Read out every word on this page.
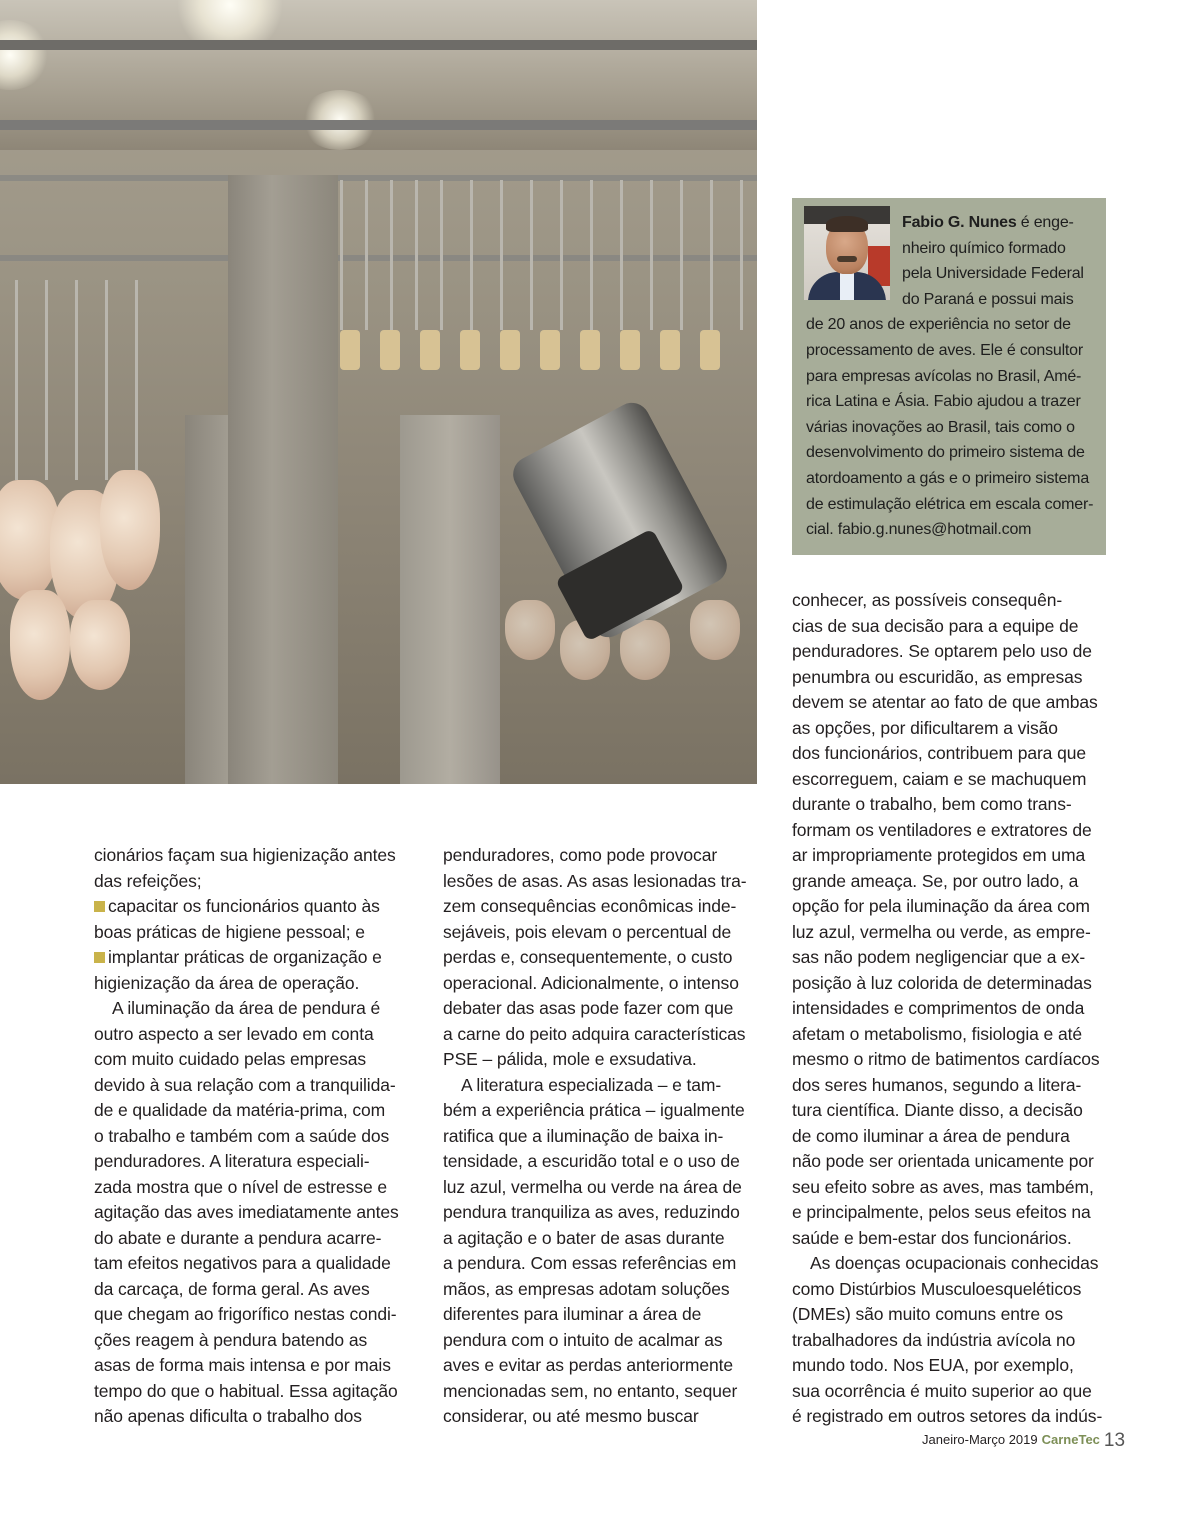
Fabio G. Nunes é enge-
nheiro químico formado
pela Universidade Federal
do Paraná e possui mais
de 20 anos de experiência no setor de
processamento de aves. Ele é consultor
para empresas avícolas no Brasil, Amé-
rica Latina e Ásia. Fabio ajudou a trazer
várias inovações ao Brasil, tais como o
desenvolvimento do primeiro sistema de
atordoamento a gás e o primeiro sistema
de estimulação elétrica em escala comer-
cial. fabio.g.nunes@hotmail.com
cionários façam sua higienização antes
das refeições;
capacitar os funcionários quanto às
boas práticas de higiene pessoal; e
implantar práticas de organização e
higienização da área de operação.
A iluminação da área de pendura é
outro aspecto a ser levado em conta
com muito cuidado pelas empresas
devido à sua relação com a tranquilida-
de e qualidade da matéria-prima, com
o trabalho e também com a saúde dos
penduradores. A literatura especiali-
zada mostra que o nível de estresse e
agitação das aves imediatamente antes
do abate e durante a pendura acarre-
tam efeitos negativos para a qualidade
da carcaça, de forma geral. As aves
que chegam ao frigorífico nestas condi-
ções reagem à pendura batendo as
asas de forma mais intensa e por mais
tempo do que o habitual. Essa agitação
não apenas dificulta o trabalho dos
penduradores, como pode provocar
lesões de asas. As asas lesionadas tra-
zem consequências econômicas inde-
sejáveis, pois elevam o percentual de
perdas e, consequentemente, o custo
operacional. Adicionalmente, o intenso
debater das asas pode fazer com que
a carne do peito adquira características
PSE – pálida, mole e exsudativa.
A literatura especializada – e tam-
bém a experiência prática – igualmente
ratifica que a iluminação de baixa in-
tensidade, a escuridão total e o uso de
luz azul, vermelha ou verde na área de
pendura tranquiliza as aves, reduzindo
a agitação e o bater de asas durante
a pendura. Com essas referências em
mãos, as empresas adotam soluções
diferentes para iluminar a área de
pendura com o intuito de acalmar as
aves e evitar as perdas anteriormente
mencionadas sem, no entanto, sequer
considerar, ou até mesmo buscar
conhecer, as possíveis consequên-
cias de sua decisão para a equipe de
penduradores. Se optarem pelo uso de
penumbra ou escuridão, as empresas
devem se atentar ao fato de que ambas
as opções, por dificultarem a visão
dos funcionários, contribuem para que
escorreguem, caiam e se machuquem
durante o trabalho, bem como trans-
formam os ventiladores e extratores de
ar impropriamente protegidos em uma
grande ameaça. Se, por outro lado, a
opção for pela iluminação da área com
luz azul, vermelha ou verde, as empre-
sas não podem negligenciar que a ex-
posição à luz colorida de determinadas
intensidades e comprimentos de onda
afetam o metabolismo, fisiologia e até
mesmo o ritmo de batimentos cardíacos
dos seres humanos, segundo a litera-
tura científica. Diante disso, a decisão
de como iluminar a área de pendura
não pode ser orientada unicamente por
seu efeito sobre as aves, mas também,
e principalmente, pelos seus efeitos na
saúde e bem-estar dos funcionários.
As doenças ocupacionais conhecidas
como Distúrbios Musculoesqueléticos
(DMEs) são muito comuns entre os
trabalhadores da indústria avícola no
mundo todo. Nos EUA, por exemplo,
sua ocorrência é muito superior ao que
é registrado em outros setores da indús-
Janeiro-Março 2019 CarneTec 13
